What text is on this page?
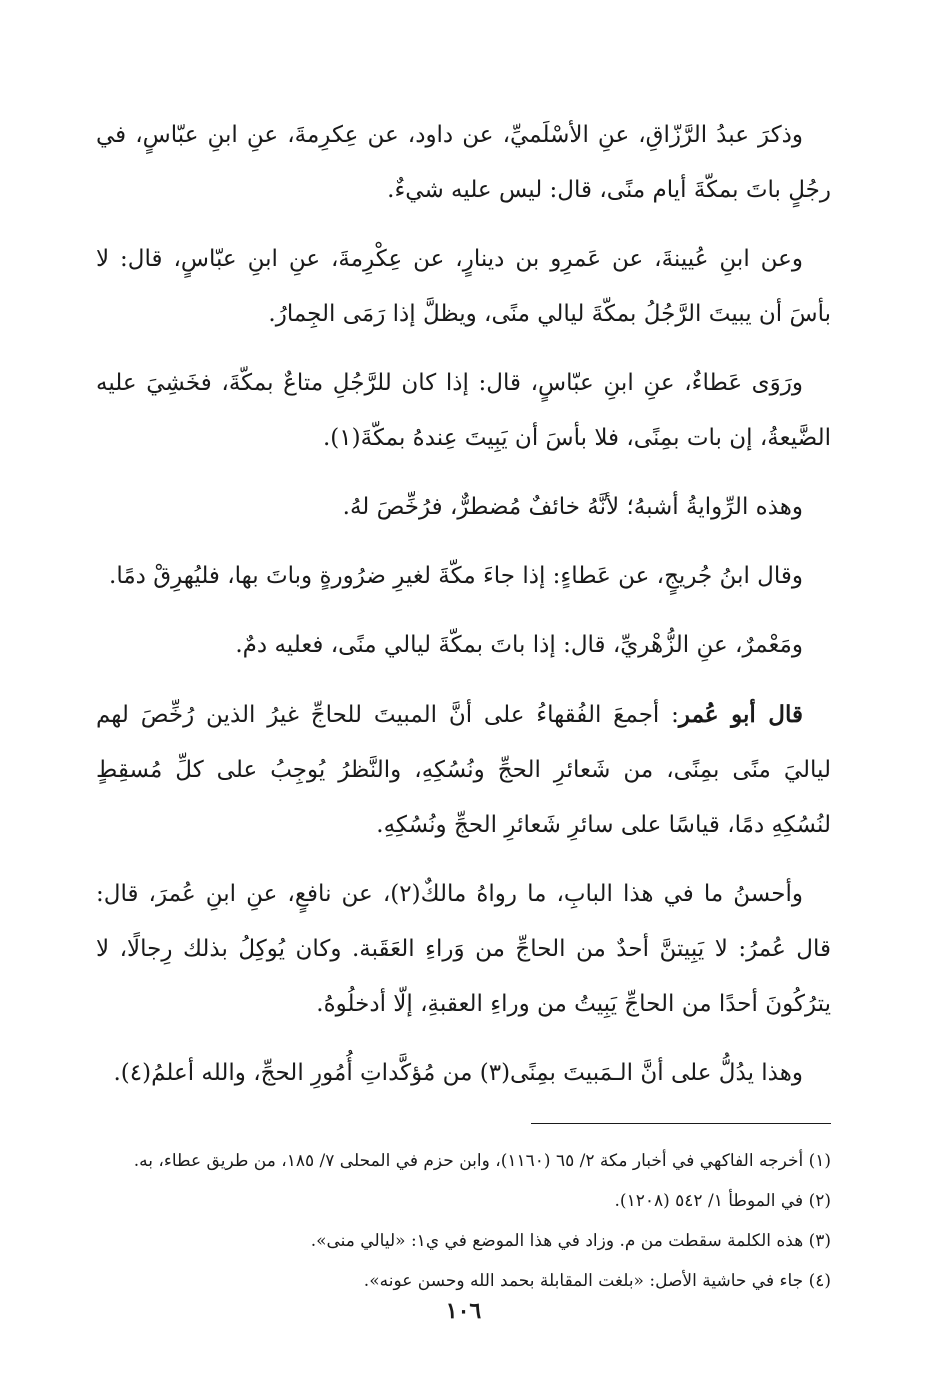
وذكرَ عبدُ الرَّزّاقِ، عنِ الأسْلَميِّ، عن داود، عن عِكرِمةَ، عنِ ابنِ عبّاسٍ، في رجُلٍ باتَ بمكّةَ أيام منًى، قال: ليس عليه شيءٌ.

وعن ابنِ عُيينةَ، عن عَمرِو بن دينارٍ، عن عِكْرِمةَ، عنِ ابنِ عبّاسٍ، قال: لا بأسَ أن يبيتَ الرَّجُلُ بمكّةَ ليالي منًى، ويظلَّ إذا رَمَى الجِمارُ.

ورَوَى عَطاءٌ، عنِ ابنِ عبّاسٍ، قال: إذا كان للرَّجُلِ متاعٌ بمكّةَ، فخَشِيَ عليه الضَّيعةُ، إن بات بمِنًى، فلا بأسَ أن يَبِيتَ عِندهُ بمكّةَ(١).

وهذه الرِّوايةُ أشبهُ؛ لأنَّهُ خائفٌ مُضطرٌّ، فرُخِّصَ لهُ.

وقال ابنُ جُريجٍ، عن عَطاءٍ: إذا جاءَ مكّةَ لغيرِ ضرُورةٍ وباتَ بها، فليُهرِقْ دمًا.

ومَعْمرٌ، عنِ الزُّهْريِّ، قال: إذا باتَ بمكّةَ ليالي منًى، فعليه دمٌ.

قال أبو عُمر: أجمعَ الفُقهاءُ على أنَّ المبيتَ للحاجِّ غيرُ الذين رُخِّصَ لهم لياليَ منًى بمِنًى، من شَعائرِ الحجِّ ونُسُكِهِ، والنَّظرُ يُوجِبُ على كلِّ مُسقِطٍ لنُسُكِهِ دمًا، قياسًا على سائرِ شَعائرِ الحجِّ ونُسُكِهِ.

وأحسنُ ما في هذا البابِ، ما رواهُ مالكٌ(٢)، عن نافعٍ، عنِ ابنِ عُمرَ، قال: قال عُمرُ: لا يَبِيتنَّ أحدٌ من الحاجِّ من وَراءِ العَقَبة. وكان يُوكِلُ بذلك رِجالًا، لا يترُكُونَ أحدًا من الحاجِّ يَبِيتُ من وراءِ العقبةِ، إلّا أدخلُوهُ.

وهذا يدُلُّ على أنَّ الـمَبيتَ بمِنًى(٣) من مُؤكَّداتِ أُمُورِ الحجِّ، والله أعلمُ(٤).

(١) أخرجه الفاكهي في أخبار مكة ٢/ ٦٥ (١١٦٠)، وابن حزم في المحلى ٧/ ١٨٥، من طريق عطاء، به.

(٢) في الموطأ ١/ ٥٤٢ (١٢٠٨).

(٣) هذه الكلمة سقطت من م. وزاد في هذا الموضع في ي١: «ليالي منى».

(٤) جاء في حاشية الأصل: «بلغت المقابلة بحمد الله وحسن عونه».

١٠٦
